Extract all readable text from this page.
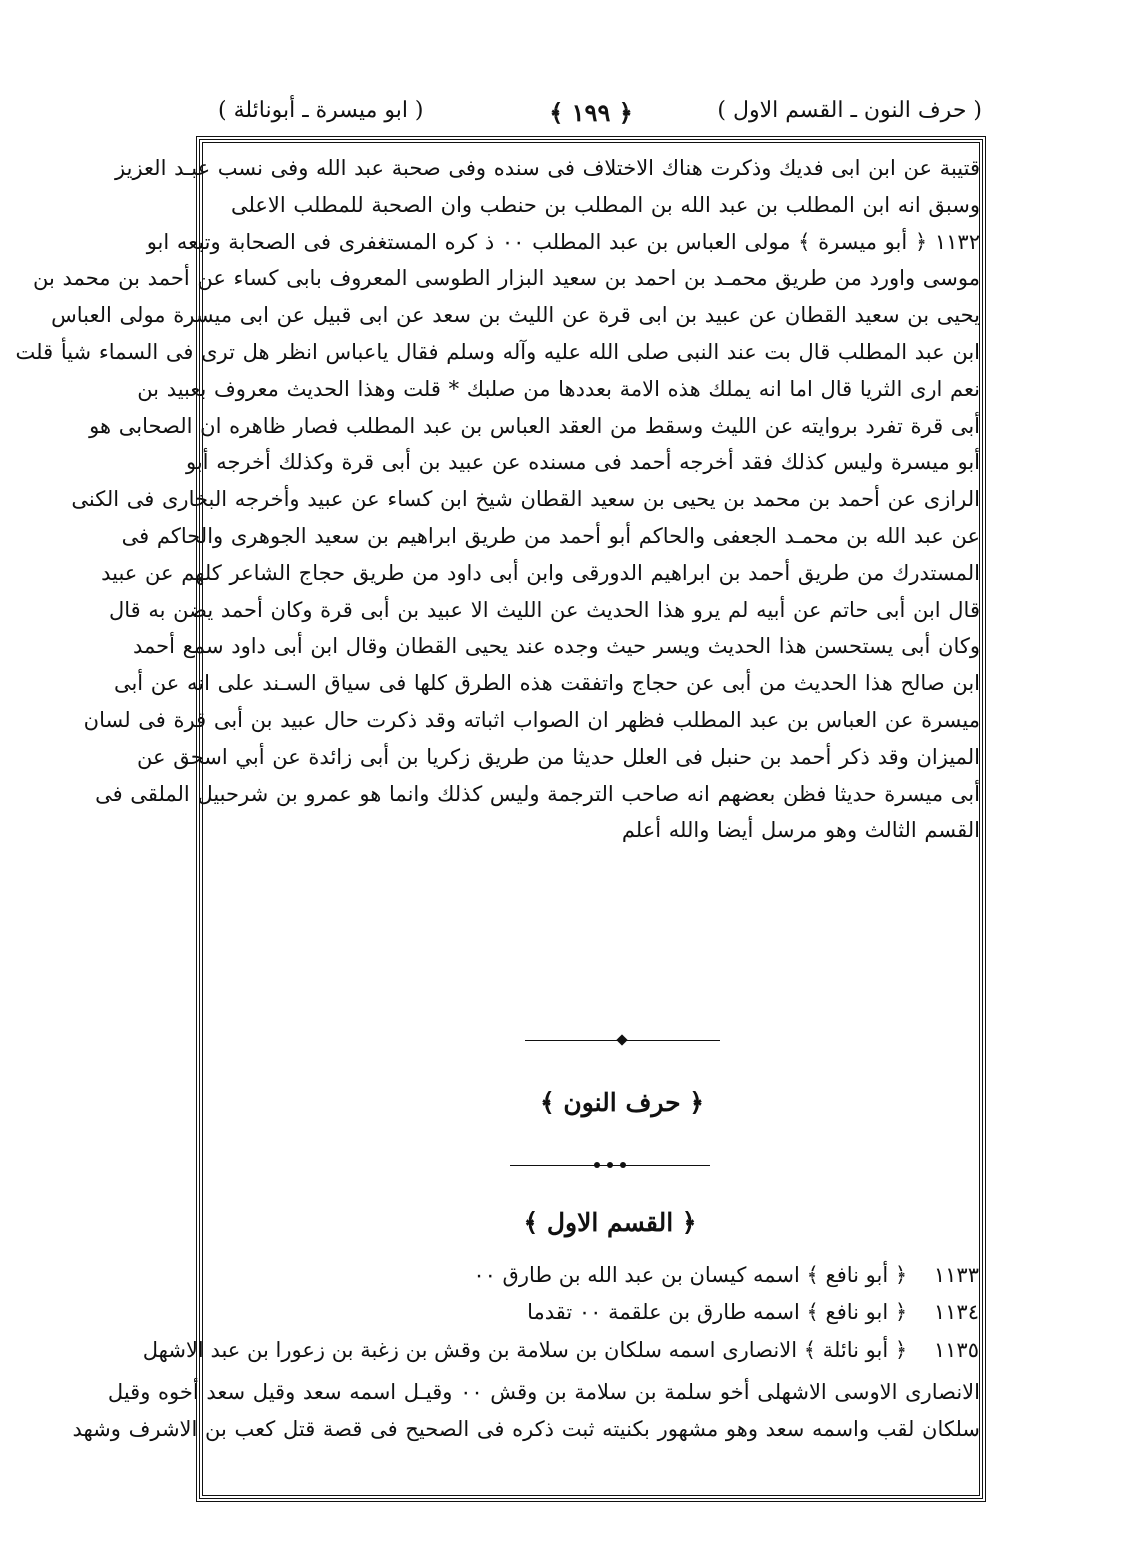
( حرف النون ـ القسم الاول )
﴿ ١٩٩ ﴾
( ابو ميسرة ـ أبونائلة )
قتيبة عن ابن ابى فديك وذكرت هناك الاختلاف فى سنده وفى صحبة عبد الله وفى نسب عبـد العزيز
وسبق انه ابن المطلب بن عبد الله بن المطلب بن حنطب وان الصحبة للمطلب الاعلى
١١٣٢ ﴿ أبو ميسرة ﴾ مولى العباس بن عبد المطلب ٠٠ ذ كره المستغفرى فى الصحابة وتبعه ابو
موسى واورد من طريق محمـد بن احمد بن سعيد البزار الطوسى المعروف بابى كساء عن أحمد بن محمد بن
يحيى بن سعيد القطان عن عبيد بن ابى قرة عن الليث بن سعد عن ابى قبيل عن ابى ميسرة مولى العباس
ابن عبد المطلب قال بت عند النبى صلى الله عليه وآله وسلم فقال ياعباس انظر هل ترى فى السماء شيأ قلت
نعم ارى الثريا قال اما انه يملك هذه الامة بعددها من صلبك * قلت وهذا الحديث معروف بعبيد بن
أبى قرة تفرد بروايته عن الليث وسقط من العقد العباس بن عبد المطلب فصار ظاهره ان الصحابى هو
أبو ميسرة وليس كذلك فقد أخرجه أحمد فى مسنده عن عبيد بن أبى قرة وكذلك أخرجه أبو
الرازى عن أحمد بن محمد بن يحيى بن سعيد القطان شيخ ابن كساء عن عبيد وأخرجه البخارى فى الكنى
عن عبد الله بن محمـد الجعفى والحاكم أبو أحمد من طريق ابراهيم بن سعيد الجوهرى والحاكم فى
المستدرك من طريق أحمد بن ابراهيم الدورقى وابن أبى داود من طريق حجاج الشاعر كلهم عن عبيد
قال ابن أبى حاتم عن أبيه لم يرو هذا الحديث عن الليث الا عبيد بن أبى قرة وكان أحمد يضن به قال
وكان أبى يستحسن هذا الحديث ويسر حيث وجده عند يحيى القطان وقال ابن أبى داود سمع أحمد
ابن صالح هذا الحديث من أبى عن حجاج واتفقت هذه الطرق كلها فى سياق السـند على انه عن أبى
ميسرة عن العباس بن عبد المطلب فظهر ان الصواب اثباته وقد ذكرت حال عبيد بن أبى قرة فى لسان
الميزان وقد ذكر أحمد بن حنبل فى العلل حديثا من طريق زكريا بن أبى زائدة عن أبي اسحق عن
أبى ميسرة حديثا فظن بعضهم انه صاحب الترجمة وليس كذلك وانما هو عمرو بن شرحبيل الملقى فى
القسم الثالث وهو مرسل أيضا والله أعلم
﴿ حرف النون ﴾
﴿ القسم الاول ﴾
١١٣٣    ﴿ أبو نافع ﴾ اسمه كيسان بن عبد الله بن طارق ٠٠
١١٣٤    ﴿ ابو نافع ﴾ اسمه طارق بن علقمة ٠٠ تقدما
١١٣٥    ﴿ أبو نائلة ﴾ الانصارى اسمه سلكان بن سلامة بن وقش بن زغبة بن زعورا بن عبد الاشهل
الانصارى الاوسى الاشهلى أخو سلمة بن سلامة بن وقش ٠٠ وقيـل اسمه سعد وقيل سعد أخوه وقيل
سلكان لقب واسمه سعد وهو مشهور بكنيته ثبت ذكره فى الصحيح فى قصة قتل كعب بن الاشرف وشهد
